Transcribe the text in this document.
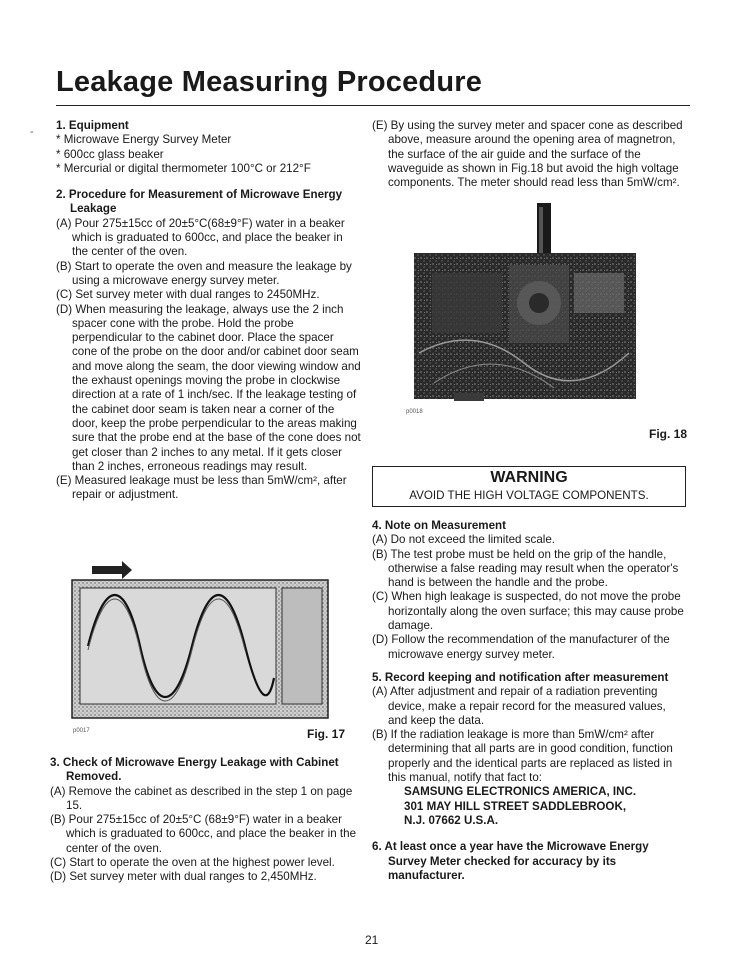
Leakage Measuring Procedure
- 1. Equipment

* Microwave Energy Survey Meter

* 600cc glass beaker

* Mercurial or digital thermometer 100°C or 212°F

2. Procedure for Measurement of Microwave Energy Leakage

(A) Pour 275±15cc of 20±5°C(68±9°F) water in a beaker which is graduated to 600cc, and place the beaker in the center of the oven.

(B) Start to operate the oven and measure the leakage by using a microwave energy survey meter.

(C) Set survey meter with dual ranges to 2450MHz.

(D) When measuring the leakage, always use the 2 inch spacer cone with the probe. Hold the probe perpendicular to the cabinet door. Place the spacer cone of the probe on the door and/or cabinet door seam and move along the seam, the door viewing window and the exhaust openings moving the probe in clockwise direction at a rate of 1 inch/sec. If the leakage testing of the cabinet door seam is taken near a corner of the door, keep the probe perpendicular to the areas making sure that the probe end at the base of the cone does not get closer than 2 inches to any metal. If it gets closer than 2 inches, erroneous readings may result.

(E) Measured leakage must be less than 5mW/cm², after repair or adjustment.

p0017	Fig. 17

3. Check of Microwave Energy Leakage with Cabinet Removed.

(A) Remove the cabinet as described in the step 1 on page 15.

(B) Pour 275±15cc of 20±5°C (68±9°F) water in a beaker which is graduated to 600cc, and place the beaker in the center of the oven.

(C) Start to operate the oven at the highest power level.

(D) Set survey meter with dual ranges to 2,450MHz.

(E) By using the survey meter and spacer cone as described above, measure around the opening area of magnetron, the surface of the air guide and the surface of the waveguide as shown in Fig.18 but avoid the high voltage components. The meter should read less than 5mW/cm².

p0018
Fig. 18
WARNING
AVOID THE HIGH VOLTAGE COMPONENTS.

4. Note on Measurement

(A) Do not exceed the limited scale.

(B) The test probe must be held on the grip of the handle, otherwise a false reading may result when the operator's hand is between the handle and the probe.

(C) When high leakage is suspected, do not move the probe horizontally along the oven surface; this may cause probe damage.

(D) Follow the recommendation of the manufacturer of the microwave energy survey meter.

5. Record keeping and notification after measurement

(A) After adjustment and repair of a radiation preventing device, make a repair record for the measured values, and keep the data.

(B) If the radiation leakage is more than 5mW/cm² after determining that all parts are in good condition, function properly and the identical parts are replaced as listed in this manual, notify that fact to:

SAMSUNG ELECTRONICS AMERICA, INC.

301 MAY HILL STREET SADDLEBROOK,

N.J. 07662 U.S.A.

6. At least once a year have the Microwave Energy Survey Meter checked for accuracy by its manufacturer.

21
